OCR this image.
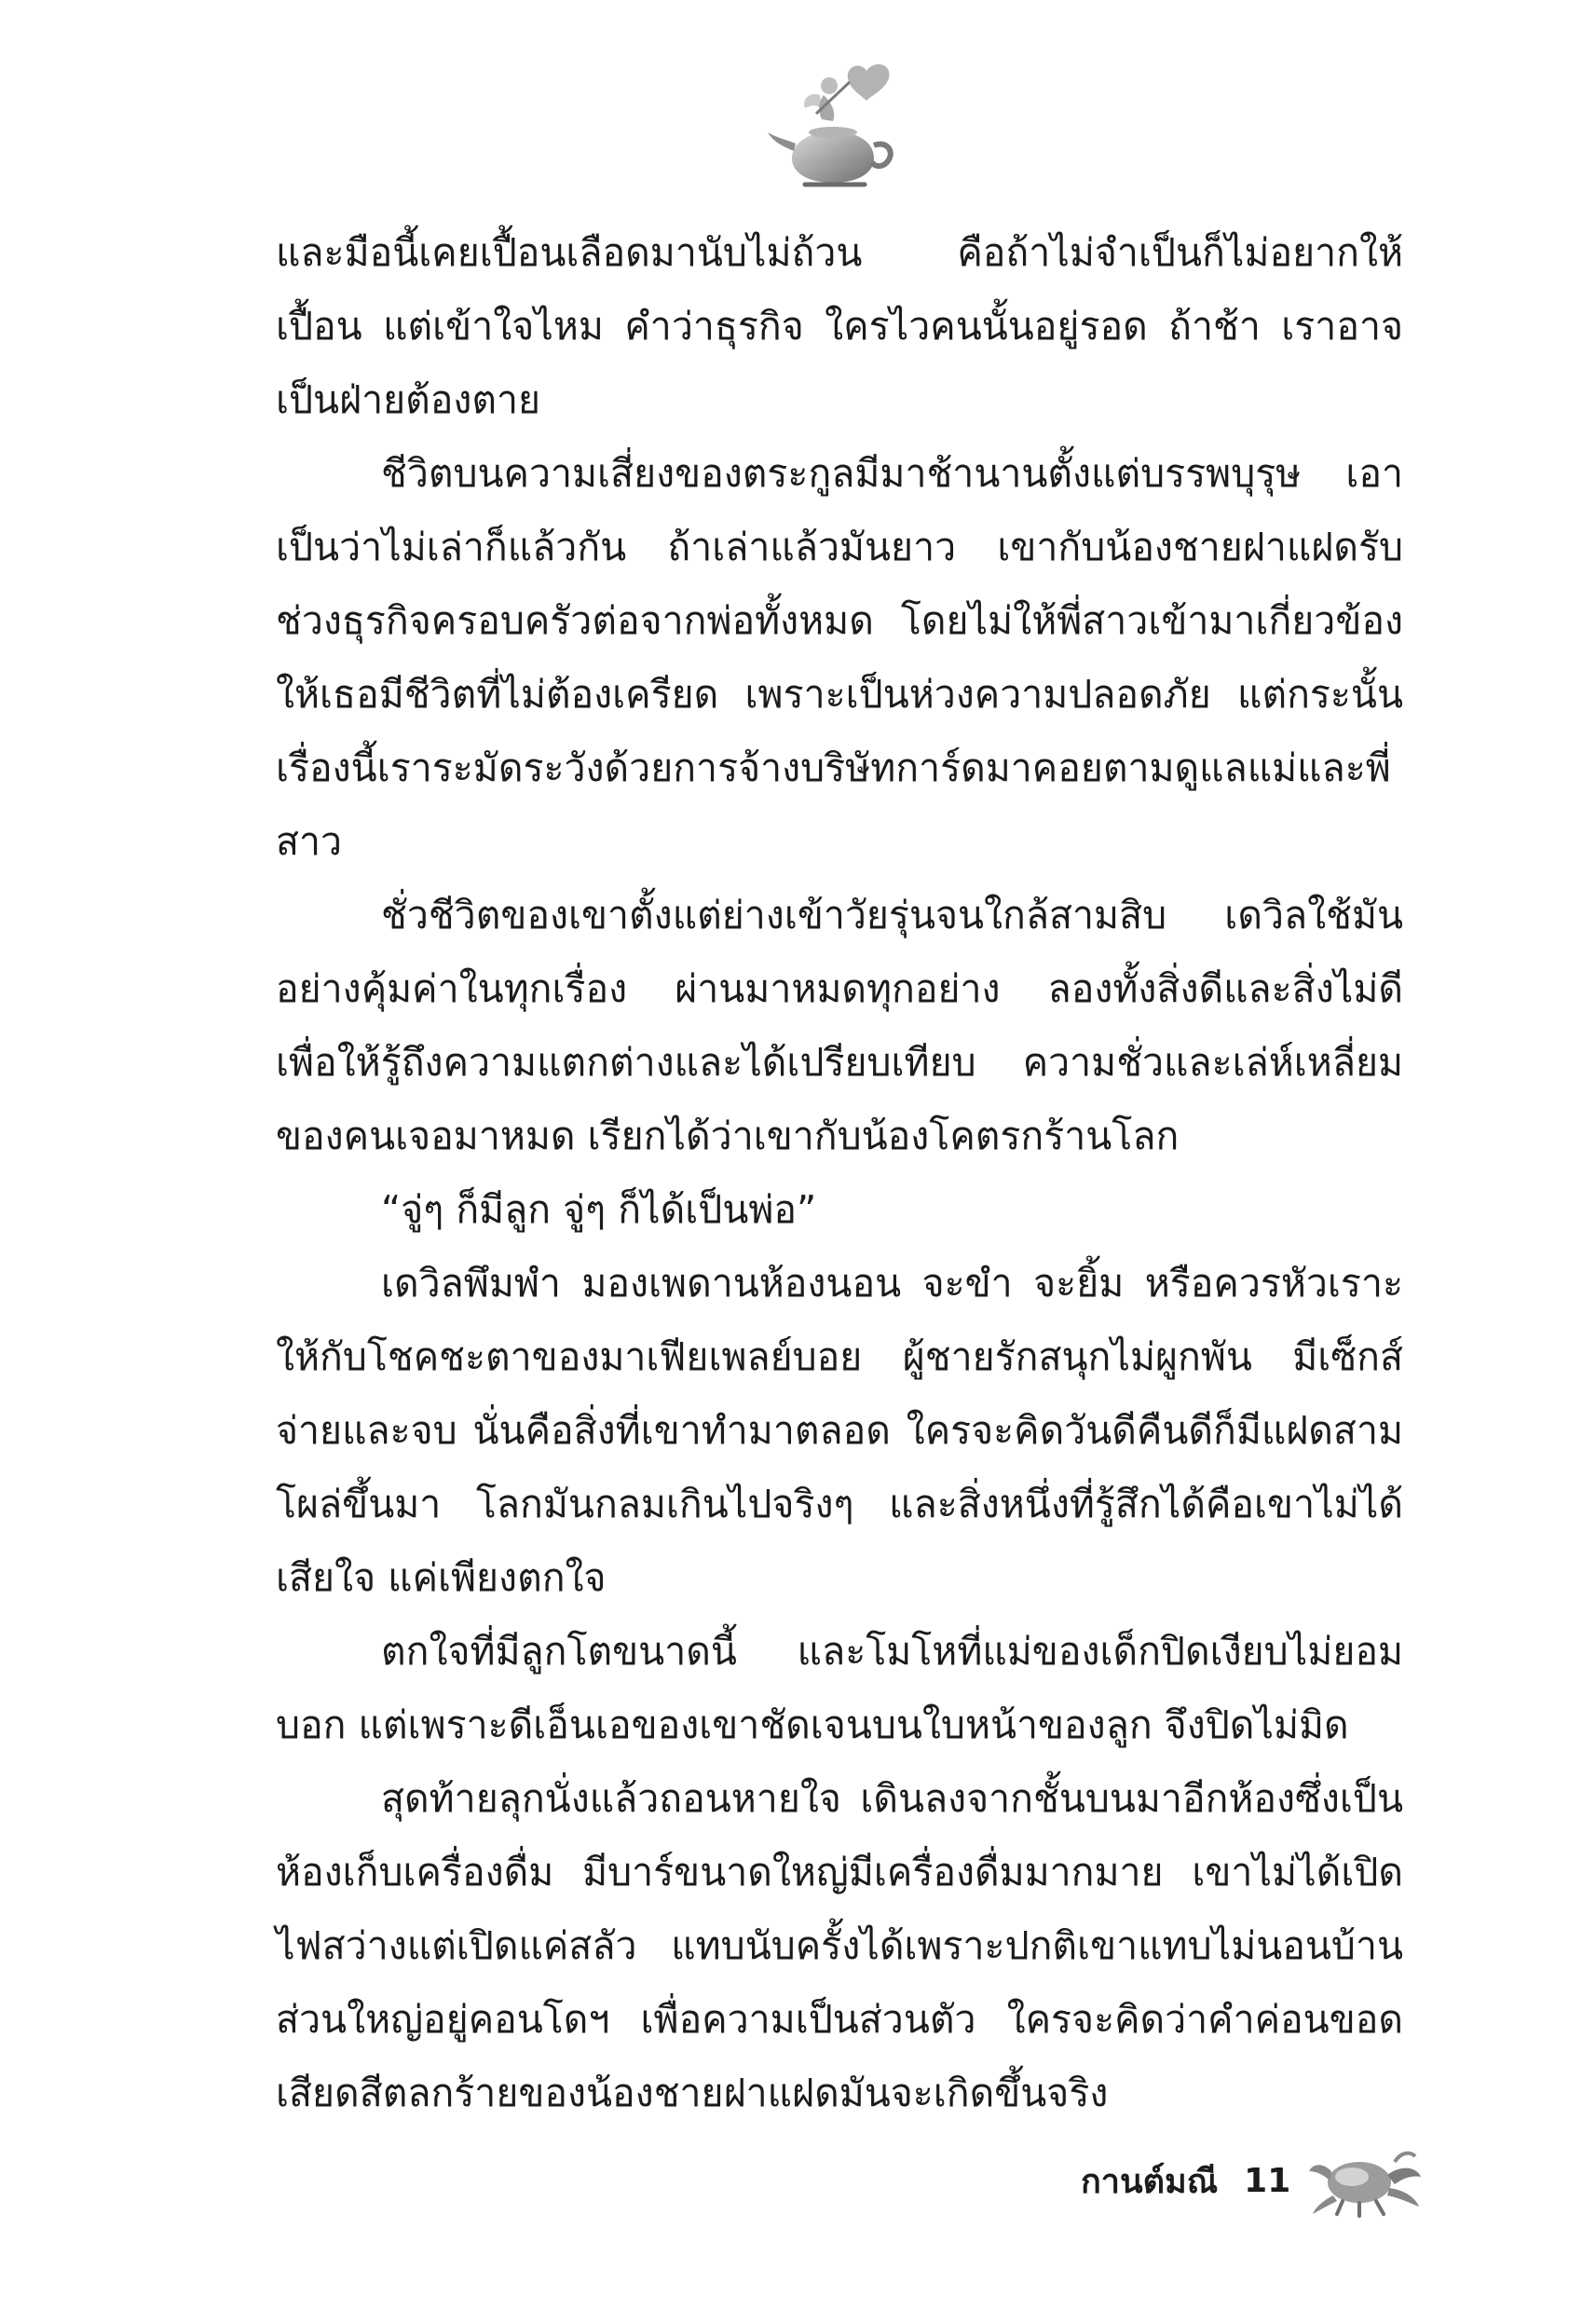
และมือนี้เคยเปื้อนเลือดมานับไม่ถ้วน คือถ้าไม่จำเป็นก็ไม่อยากให้เปื้อน แต่เข้าใจไหม คำว่าธุรกิจ ใครไวคนนั้นอยู่รอด ถ้าช้า เราอาจเป็นฝ่ายต้องตาย

ชีวิตบนความเสี่ยงของตระกูลมีมาช้านานตั้งแต่บรรพบุรุษ เอาเป็นว่าไม่เล่าก็แล้วกัน ถ้าเล่าแล้วมันยาว เขากับน้องชายฝาแฝดรับช่วงธุรกิจครอบครัวต่อจากพ่อทั้งหมด โดยไม่ให้พี่สาวเข้ามาเกี่ยวข้อง ให้เธอมีชีวิตที่ไม่ต้องเครียด เพราะเป็นห่วงความปลอดภัย แต่กระนั้นเรื่องนี้เราระมัดระวังด้วยการจ้างบริษัทการ์ดมาคอยตามดูแลแม่และพี่สาว

ชั่วชีวิตของเขาตั้งแต่ย่างเข้าวัยรุ่นจนใกล้สามสิบ เดวิลใช้มันอย่างคุ้มค่าในทุกเรื่อง ผ่านมาหมดทุกอย่าง ลองทั้งสิ่งดีและสิ่งไม่ดี เพื่อให้รู้ถึงความแตกต่างและได้เปรียบเทียบ ความชั่วและเล่ห์เหลี่ยมของคนเจอมาหมด เรียกได้ว่าเขากับน้องโคตรกร้านโลก

“จู่ๆ ก็มีลูก จู่ๆ ก็ได้เป็นพ่อ”

เดวิลพึมพำ มองเพดานห้องนอน จะขำ จะยิ้ม หรือควรหัวเราะให้กับโชคชะตาของมาเฟียเพลย์บอย ผู้ชายรักสนุกไม่ผูกพัน มีเซ็กส์จ่ายและจบ นั่นคือสิ่งที่เขาทำมาตลอด ใครจะคิดวันดีคืนดีก็มีแฝดสามโผล่ขึ้นมา โลกมันกลมเกินไปจริงๆ และสิ่งหนึ่งที่รู้สึกได้คือเขาไม่ได้เสียใจ แค่เพียงตกใจ

ตกใจที่มีลูกโตขนาดนี้ และโมโหที่แม่ของเด็กปิดเงียบไม่ยอมบอก แต่เพราะดีเอ็นเอของเขาชัดเจนบนใบหน้าของลูก จึงปิดไม่มิด

สุดท้ายลุกนั่งแล้วถอนหายใจ เดินลงจากชั้นบนมาอีกห้องซึ่งเป็นห้องเก็บเครื่องดื่ม มีบาร์ขนาดใหญ่มีเครื่องดื่มมากมาย เขาไม่ได้เปิดไฟสว่างแต่เปิดแค่สลัว แทบนับครั้งได้เพราะปกติเขาแทบไม่นอนบ้าน ส่วนใหญ่อยู่คอนโดฯ เพื่อความเป็นส่วนตัว ใครจะคิดว่าคำค่อนขอดเสียดสีตลกร้ายของน้องชายฝาแฝดมันจะเกิดขึ้นจริง

กานต์มณี 11
